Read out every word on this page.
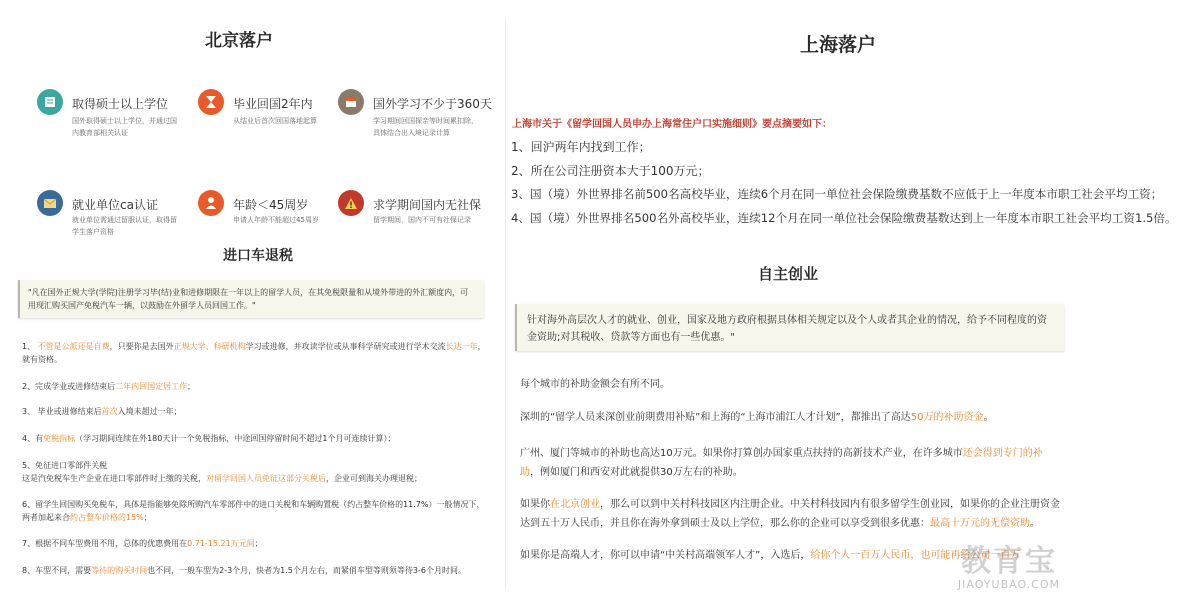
北京落户
取得硕士以上学位
国外取得硕士以上学位，并通过国内教育部相关认证
毕业回国2年内
从结业后首次回国落地起算
国外学习不少于360天
学习期间回国探亲等时间累扣除，具体结合出入境记录计算
就业单位ca认证
就业单位需通过留服认证，取得留学生落户资格
年龄＜45周岁
申请人年龄不能超过45周岁
求学期间国内无社保
留学期间，国内不可有社保记录
进口车退税
"凡在国外正规大学(学院)注册学习毕(结)业和进修期限在一年以上的留学人员，在其免税限量和从境外带进的外汇额度内，可用现汇购买国产免税汽车一辆，以鼓励在外留学人员回国工作。"
1、 不管是公派还是自费，只要你是去国外正规大学、科研机构学习或进修，并攻读学位或从事科学研究或进行学术交流长达一年，就有资格。
2、完成学业或进修结束后二年内回国定居工作；
3、 毕业或进修结束后首次入境未超过一年；
4、有免税指标（学习期间连续在外180天计一个免税指标，中途回国停留时间不超过1个月可连续计算）；
5、免征进口零部件关税
这是汽免税车生产企业在进口零部件时上缴的关税，对留学回国人员免征这部分关税后，企业可到海关办理退税；
6、留学生回国购买免税车，具体是指能够免除所购汽车零部件中的进口关税和车辆购置税（约占整车价格的11.7%）一般情况下，两者加起来合约占整车价格的15%；
7、根据不同车型费用不用，总体的优惠费用在0.71-15.21万元间；
8、车型不同，需要等待的购买时间也不同，一般车型为2-3个月，快者为1.5个月左右，而紧俏车型等则须等待3-6个月时间。
上海落户
上海市关于《留学回国人员申办上海常住户口实施细则》要点摘要如下：
1、回沪两年内找到工作；
2、所在公司注册资本大于100万元；
3、国（境）外世界排名前500名高校毕业，连续6个月在同一单位社会保险缴费基数不应低于上一年度本市职工社会平均工资；
4、国（境）外世界排名500名外高校毕业，连续12个月在同一单位社会保险缴费基数达到上一年度本市职工社会平均工资1.5倍。
自主创业
针对海外高层次人才的就业、创业，国家及地方政府根据具体相关规定以及个人或者其企业的情况，给予不同程度的资金资助;对其税收、贷款等方面也有一些优惠。"
每个城市的补助金额会有所不同。
深圳的“留学人员来深创业前期费用补贴”和上海的“上海市浦江人才计划”，都推出了高达50万的补助资金。
广州、厦门等城市的补助也高达10万元。如果你打算创办国家重点扶持的高新技术产业，在许多城市还会得到专门的补助，例如厦门和西安对此就提供30万左右的补助。
如果你在北京创业，那么可以到中关村科技园区内注册企业。中关村科技园内有很多留学生创业园，如果你的企业注册资金达到五十万人民币，并且你在海外拿到硕士及以上学位，那么你的企业可以享受到很多优惠：最高十万元的无偿资助。
如果你是高端人才，你可以申请“中关村高端领军人才”，入选后，给你个人一百万人民币，也可能再给公司一百万
教育宝
JIAOYUBAO.COM
